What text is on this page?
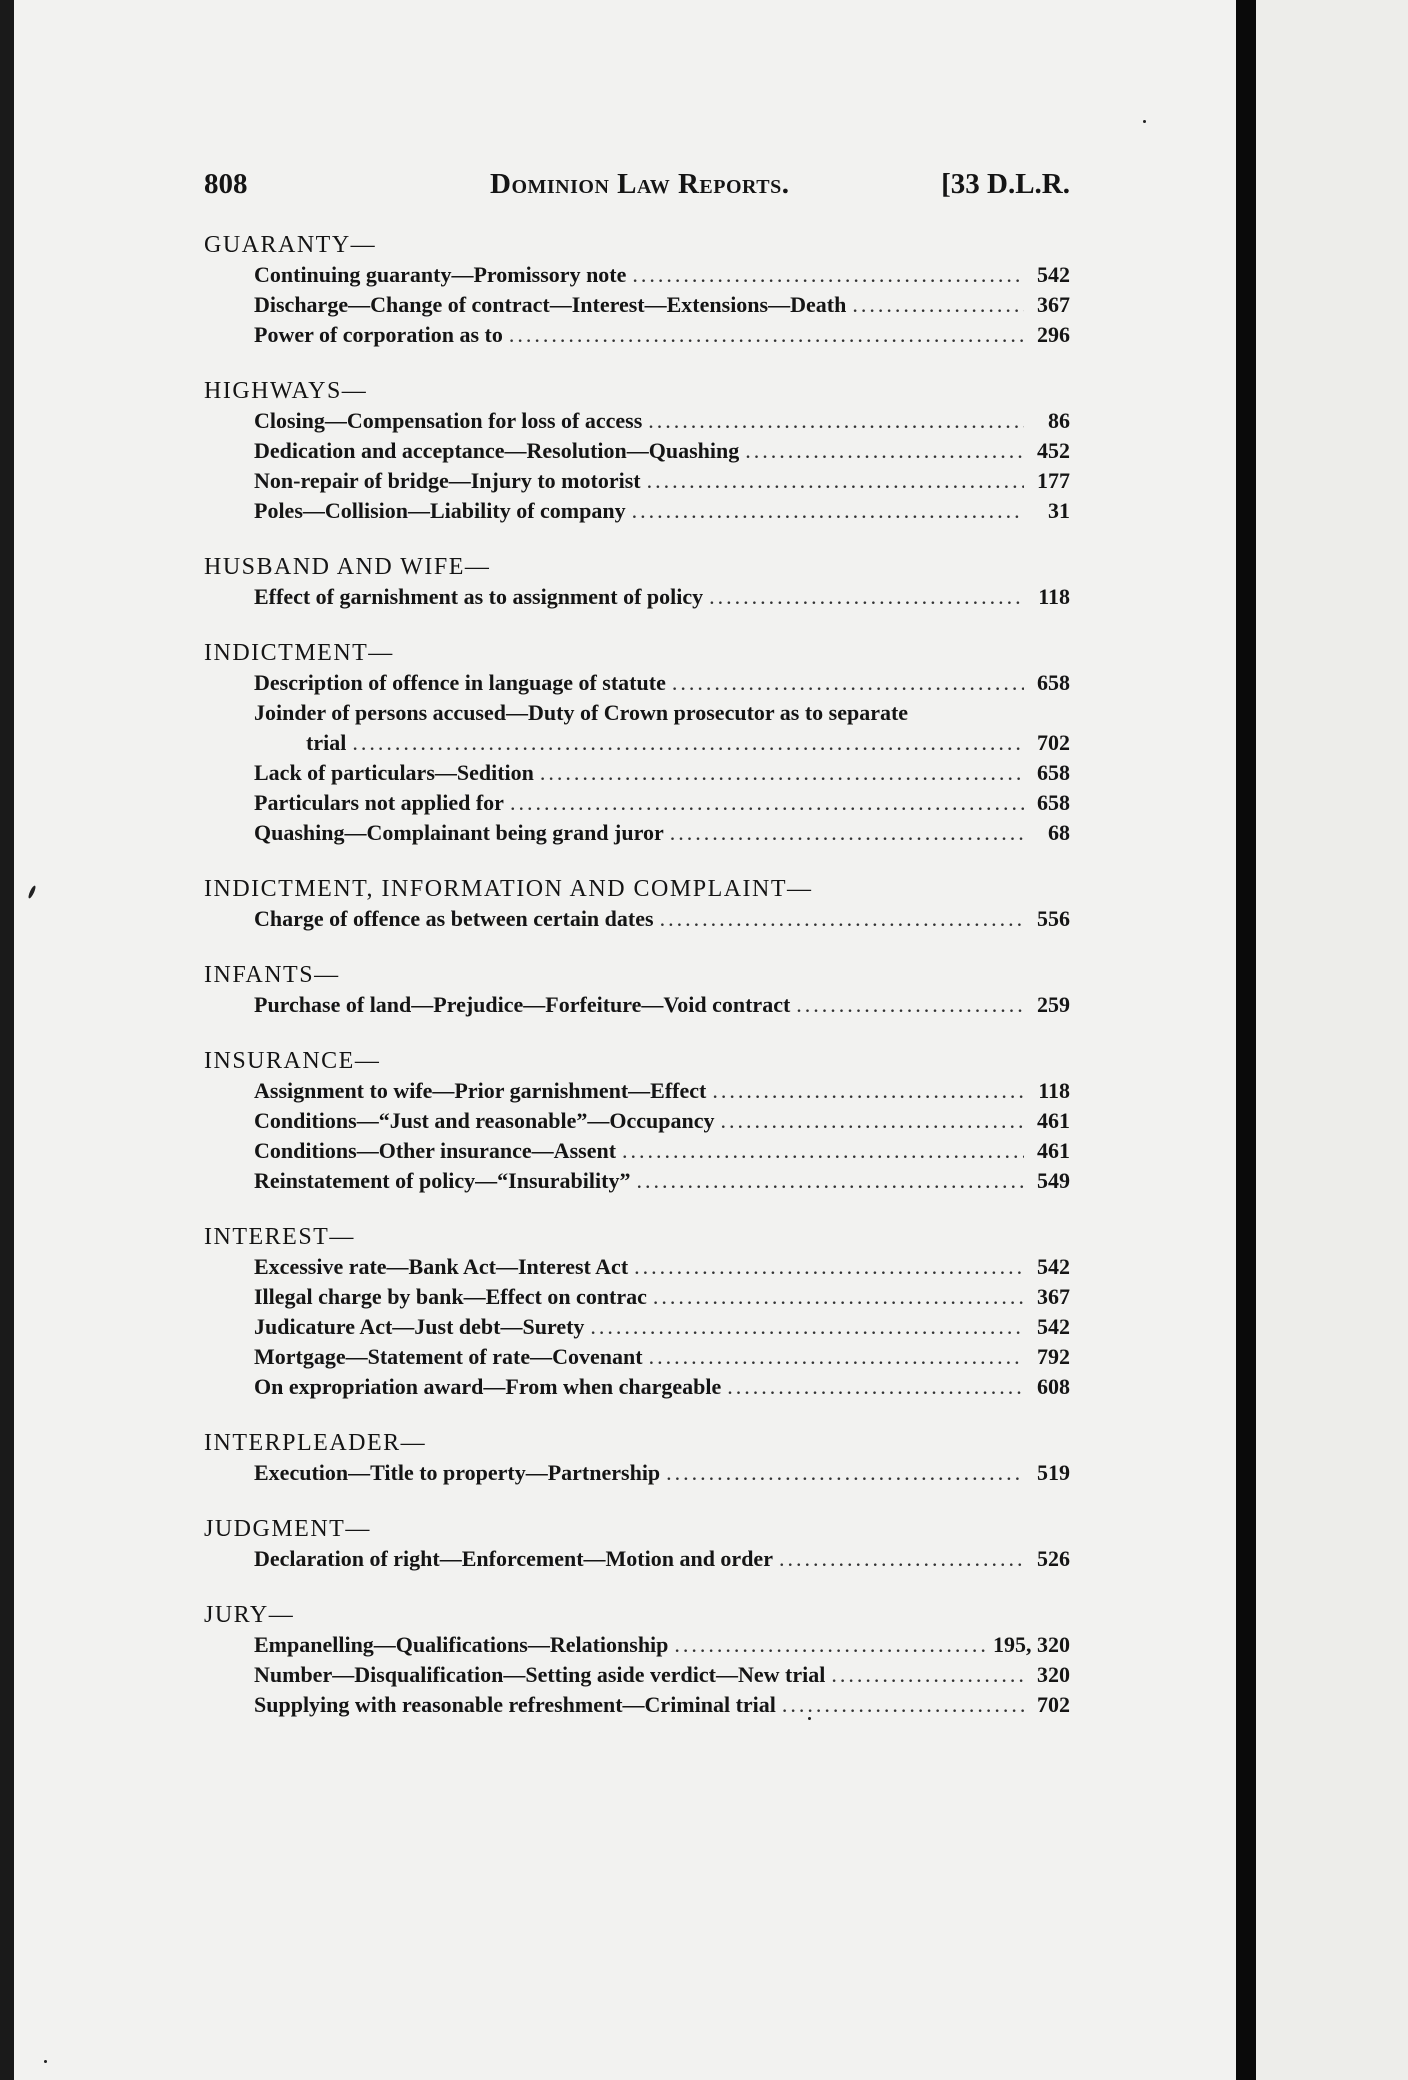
808	Dominion Law Reports.	[33 D.L.R.
GUARANTY—
Continuing guaranty—Promissory note .....	542
Discharge—Change of contract—Interest—Extensions—Death .....	367
Power of corporation as to .....	296
HIGHWAYS—
Closing—Compensation for loss of access .....	86
Dedication and acceptance—Resolution—Quashing .....	452
Non-repair of bridge—Injury to motorist .....	177
Poles—Collision—Liability of company .....	31
HUSBAND AND WIFE—
Effect of garnishment as to assignment of policy .....	118
INDICTMENT—
Description of offence in language of statute .....	658
Joinder of persons accused—Duty of Crown prosecutor as to separate
trial .....	702
Lack of particulars—Sedition .....	658
Particulars not applied for .....	658
Quashing—Complainant being grand juror .....	68
INDICTMENT, INFORMATION AND COMPLAINT—
Charge of offence as between certain dates .....	556
INFANTS—
Purchase of land—Prejudice—Forfeiture—Void contract .....	259
INSURANCE—
Assignment to wife—Prior garnishment—Effect .....	118
Conditions—“Just and reasonable”—Occupancy .....	461
Conditions—Other insurance—Assent .....	461
Reinstatement of policy—“Insurability” .....	549
INTEREST—
Excessive rate—Bank Act—Interest Act .....	542
Illegal charge by bank—Effect on contrac .....	367
Judicature Act—Just debt—Surety .....	542
Mortgage—Statement of rate—Covenant .....	792
On expropriation award—From when chargeable .....	608
INTERPLEADER—
Execution—Title to property—Partnership .....	519
JUDGMENT—
Declaration of right—Enforcement—Motion and order .....	526
JURY—
Empanelling—Qualifications—Relationship .....	195, 320
Number—Disqualification—Setting aside verdict—New trial .....	320
Supplying with reasonable refreshment—Criminal trial .....	702
